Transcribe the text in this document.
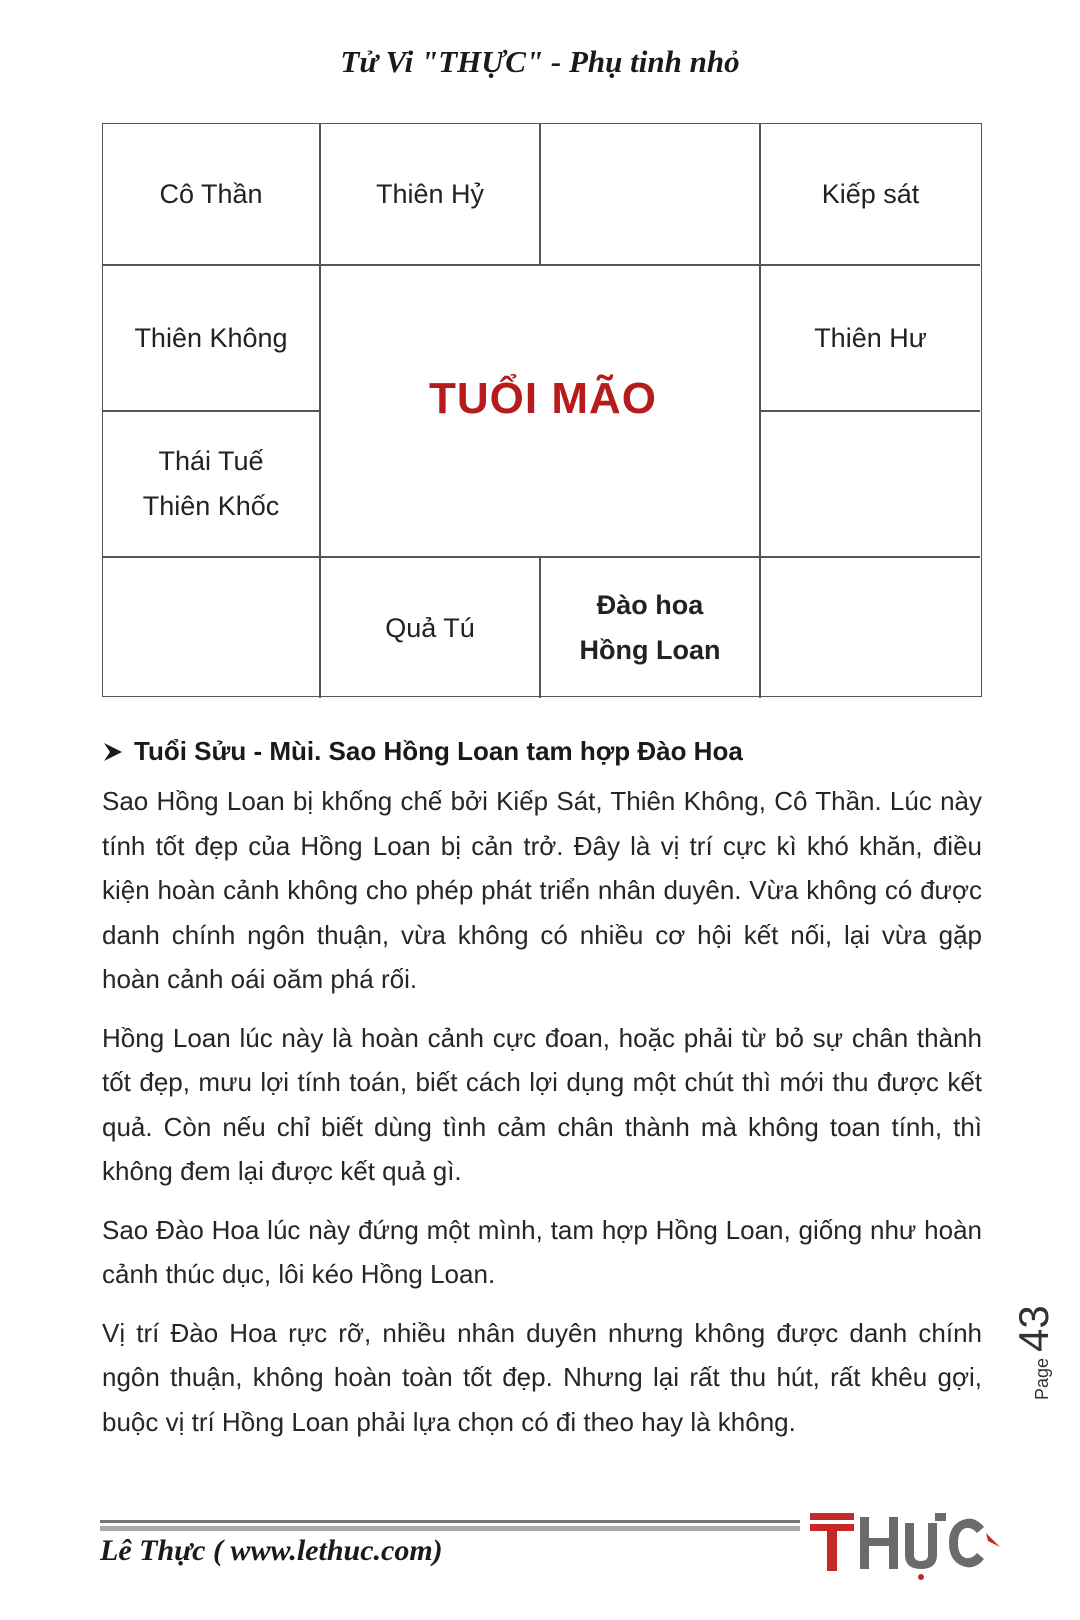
Tử Vi "THỰC" - Phụ tinh nhỏ
Cô Thần	Thiên Hỷ	Kiếp sát
Thiên Không
Thái Tuế
Thiên Khốc
Thiên Hư
Quả Tú
Đào hoa
Hồng Loan
TUỔI MÃO
Tuổi Sửu - Mùi. Sao Hồng Loan tam hợp Đào Hoa

Sao Hồng Loan bị khống chế bởi Kiếp Sát, Thiên Không, Cô Thần. Lúc này tính tốt đẹp của Hồng Loan bị cản trở. Đây là vị trí cực kì khó khăn, điều kiện hoàn cảnh không cho phép phát triển nhân duyên. Vừa không có được danh chính ngôn thuận, vừa không có nhiều cơ hội kết nối, lại vừa gặp hoàn cảnh oái oăm phá rối.

Hồng Loan lúc này là hoàn cảnh cực đoan, hoặc phải từ bỏ sự chân thành tốt đẹp, mưu lợi tính toán, biết cách lợi dụng một chút thì mới thu được kết quả. Còn nếu chỉ biết dùng tình cảm chân thành mà không toan tính, thì không đem lại được kết quả gì.

Sao Đào Hoa lúc này đứng một mình, tam hợp Hồng Loan, giống như hoàn cảnh thúc dục, lôi kéo Hồng Loan.

Vị trí Đào Hoa rực rỡ, nhiều nhân duyên nhưng không được danh chính ngôn thuận, không hoàn toàn tốt đẹp. Nhưng lại rất thu hút, rất khêu gợi, buộc vị trí Hồng Loan phải lựa chọn có đi theo hay là không.

Page
43
Lê Thực ( www.lethuc.com)
THỰC
